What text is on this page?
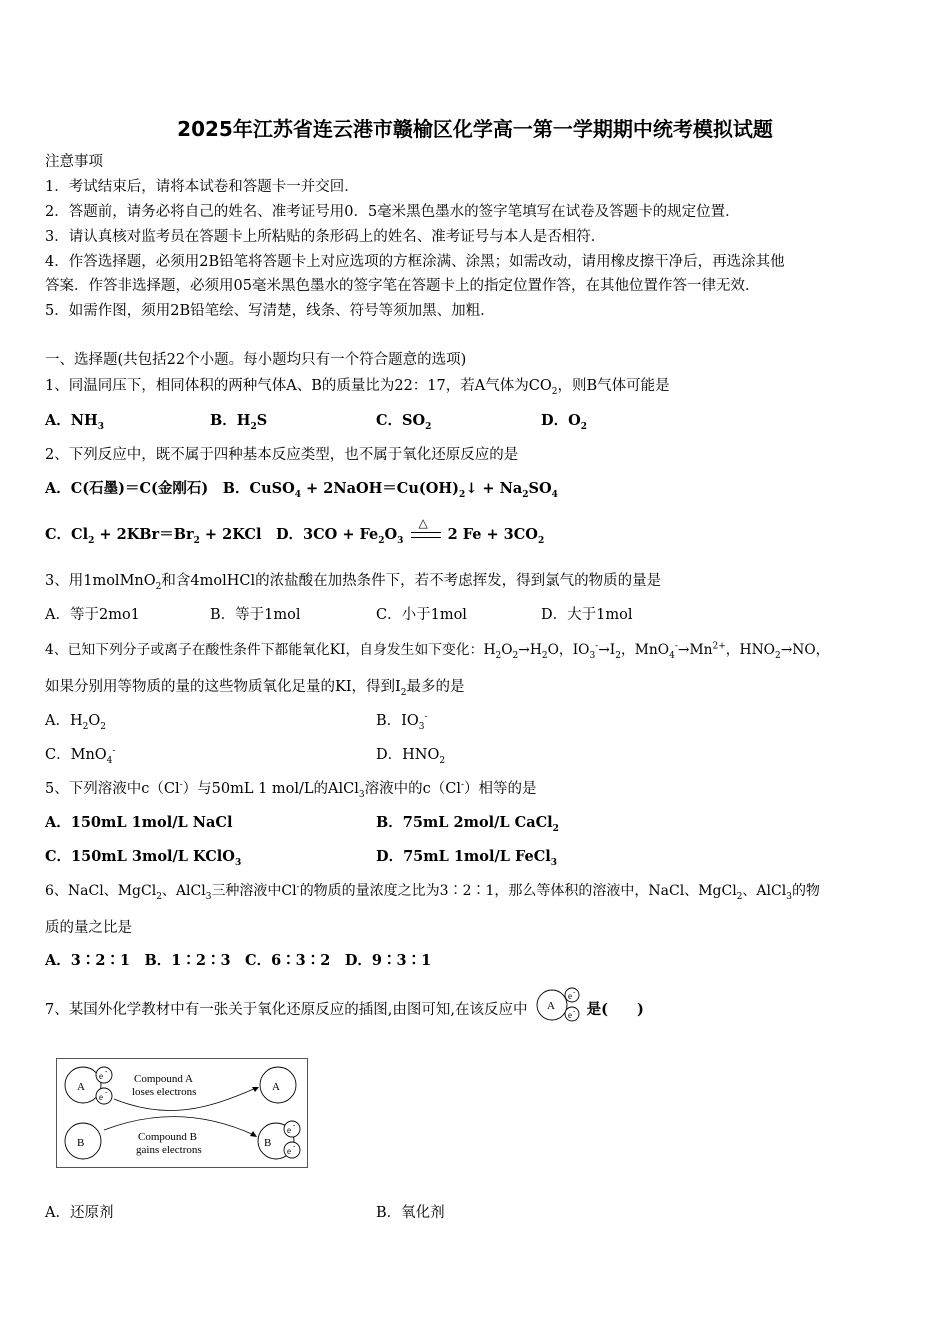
2025年江苏省连云港市赣榆区化学高一第一学期期中统考模拟试题
注意事项
1．考试结束后，请将本试卷和答题卡一并交回．
2．答题前，请务必将自己的姓名、准考证号用0．5毫米黑色墨水的签字笔填写在试卷及答题卡的规定位置．
3．请认真核对监考员在答题卡上所粘贴的条形码上的姓名、准考证号与本人是否相符．
4．作答选择题，必须用2B铅笔将答题卡上对应选项的方框涂满、涂黑；如需改动，请用橡皮擦干净后，再选涂其他
答案．作答非选择题，必须用05毫米黑色墨水的签字笔在答题卡上的指定位置作答，在其他位置作答一律无效．
5．如需作图，须用2B铅笔绘、写清楚，线条、符号等须加黑、加粗．
一、选择题(共包括22个小题。每小题均只有一个符合题意的选项)
1、同温同压下，相同体积的两种气体A、B的质量比为22：17，若A气体为$CO_2$，则B气体可能是
A．$NH_3$	B．$H_2S$	C．$SO_2$	D．$O_2$
2、下列反应中，既不属于四种基本反应类型，也不属于氧化还原反应的是
A．C(石墨)＝C(金刚石)　B．CuSO$_4$ + $2NaOH=Cu(OH)_2↓ + Na_2SO_4$
C．$Cl_2 + 2KBr=Br_2 + 2KCl$　D．$3CO + Fe_2O_3$
△
2 $Fe + 3CO_2$
3、用1molMnO$_2$和含4molHCl的浓盐酸在加热条件下，若不考虑挥发，得到氯气的物质的量是
A．等于2mo1	B．等于1mol	C．小于1mol	D．大于1mol
4、已知下列分子或离子在酸性条件下都能氧化KI，自身发生如下变化：$H_2O_2\to H_2O$，$IO_3^-\to I_2$，$MnO_4^-\to Mn^{2+}$，$HNO_2\to NO$，
如果分别用等物质的量的这些物质氧化足量的KI，得到$I_2$最多的是
A．$H_2O_2$	B．$IO_3^-$
C．MnO$_4$-	D．$HNO_2$
5、下列溶液中c（Cl-）与50mL 1 mol/L的AlCl$_3$溶液中的c（Cl-）相等的是
A．150mL 1mol/L NaCl	B．75mL 2mol/L CaCl$_2$
C．150mL 3mol/L KClO$_3$	D．75mL 1mol/L FeCl$_3$
6、NaCl、MgCl$_2$、AlCl$_3$三种溶液中Cl-的物质的量浓度之比为3∶2∶1，那么等体积的溶液中，NaCl、MgCl$_2$、AlCl$_3$的物
质的量之比是
A．3∶2∶1　B．1∶2∶3　C．6∶3∶2　D．9∶3∶1
7、某国外化学教材中有一张关于氧化还原反应的插图,由图可知,在该反应中 A
e -
e - 是(　　)
A
e -
e -	A
B	B
e -
e -
Compound A
loses electrons
Compound B
gains electrons
A．还原剂	B．氧化剂
